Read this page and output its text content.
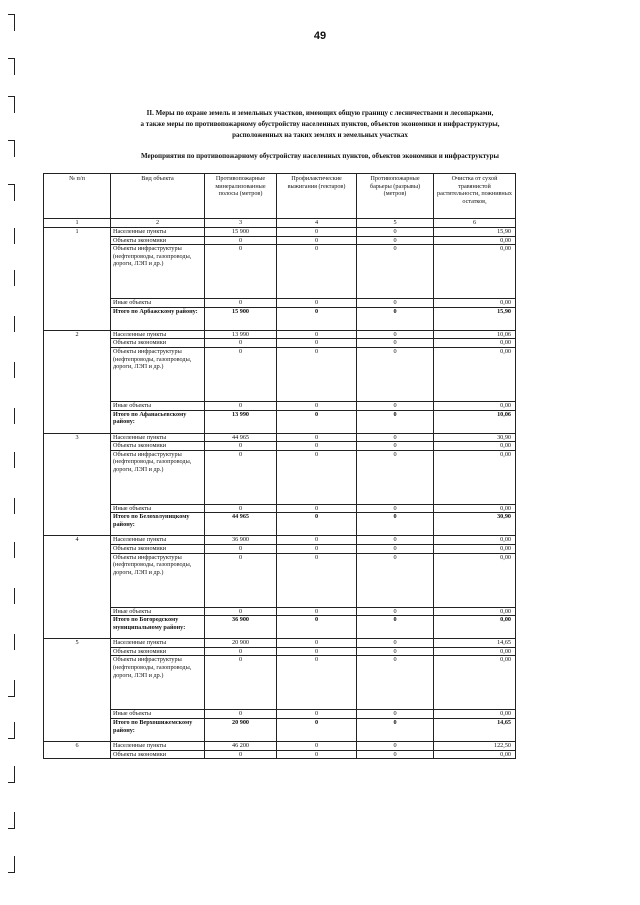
49
II. Меры по охране земель и земельных участков, имеющих общую границу с лесничествами и лесопарками,
а также меры по противопожарному обустройству населенных пунктов, объектов экономики и инфраструктуры,
расположенных на таких землях и земельных участках
Мероприятия по противопожарному обустройству населенных пунктов, объектов экономики и инфраструктуры
№ п/п	Вид объекта	Противопожарные минерализованные полосы (метров)	Профилактические выжигания (гектаров)	Противопожарные барьеры (разрывы) (метров)	Очистка от сухой травянистой растительности, пожнивных остатков,
1	2	3	4	5	6
1	Населенные пункты	15 900	0	0	15,90
	Объекты экономики	0	0	0	0,00
	Объекты инфраструктуры (нефтепроводы, газопроводы, дороги, ЛЭП и др.)	0	0	0	0,00
	Иные объекты	0	0	0	0,00
	Итого по Арбажскому району:	15 900	0	0	15,90
2	Населенные пункты	13 990	0	0	10,06
	Объекты экономики	0	0	0	0,00
	Объекты инфраструктуры (нефтепроводы, газопроводы, дороги, ЛЭП и др.)	0	0	0	0,00
	Иные объекты	0	0	0	0,00
	Итого по Афанасьевскому району:	13 990	0	0	10,06
3	Населенные пункты	44 965	0	0	30,90
	Объекты экономики	0	0	0	0,00
	Объекты инфраструктуры (нефтепроводы, газопроводы, дороги, ЛЭП и др.)	0	0	0	0,00
	Иные объекты	0	0	0	0,00
	Итого по Белохолуницкому району:	44 965	0	0	30,90
4	Населенные пункты	36 900	0	0	0,00
	Объекты экономики	0	0	0	0,00
	Объекты инфраструктуры (нефтепроводы, газопроводы, дороги, ЛЭП и др.)	0	0	0	0,00
	Иные объекты	0	0	0	0,00
	Итого по Богородскому муниципальному району:	36 900	0	0	0,00
5	Населенные пункты	20 900	0	0	14,65
	Объекты экономики	0	0	0	0,00
	Объекты инфраструктуры (нефтепроводы, газопроводы, дороги, ЛЭП и др.)	0	0	0	0,00
	Иные объекты	0	0	0	0,00
	Итого по Верхошижемскому району:	20 900	0	0	14,65
6	Населенные пункты	46 200	0	0	122,50
	Объекты экономики	0	0	0	0,00
